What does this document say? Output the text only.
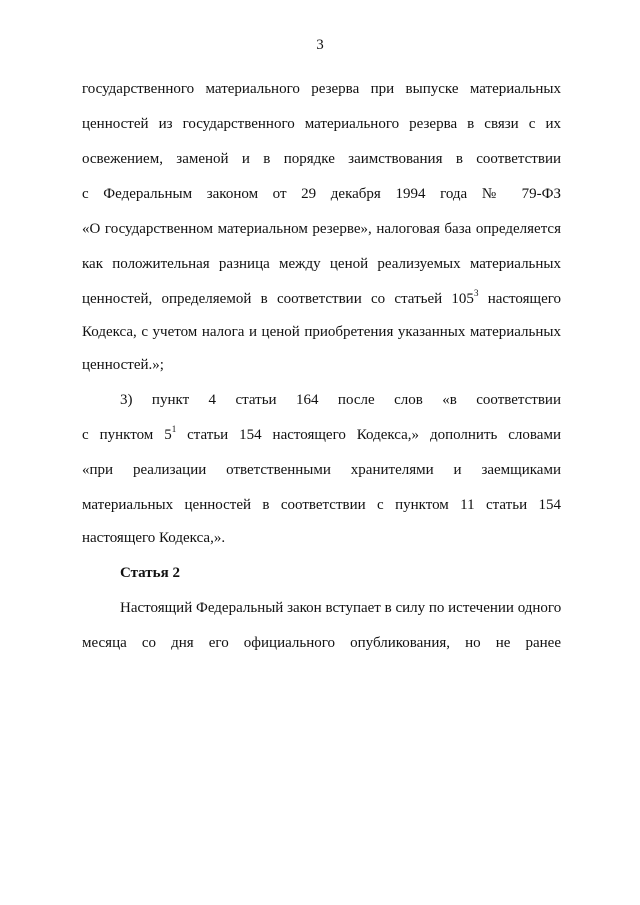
3
государственного материального резерва при выпуске материальных
ценностей из государственного материального резерва в связи с их
освежением, заменой и в порядке заимствования в соответствии
с Федеральным законом от 29 декабря 1994 года № 79-ФЗ
«О государственном материальном резерве», налоговая база определяется
как положительная разница между ценой реализуемых материальных
ценностей, определяемой в соответствии со статьей $105^3$ настоящего
Кодекса, с учетом налога и ценой приобретения указанных материальных
ценностей.»;
3) пункт 4 статьи 164 после слов «в соответствии
с пунктом $5^1$ статьи 154 настоящего Кодекса,» дополнить словами
«при реализации ответственными хранителями и заемщиками
материальных ценностей в соответствии с пунктом 11 статьи 154
настоящего Кодекса,».
Статья 2
Настоящий Федеральный закон вступает в силу по истечении одного
месяца со дня его официального опубликования, но не ранее
